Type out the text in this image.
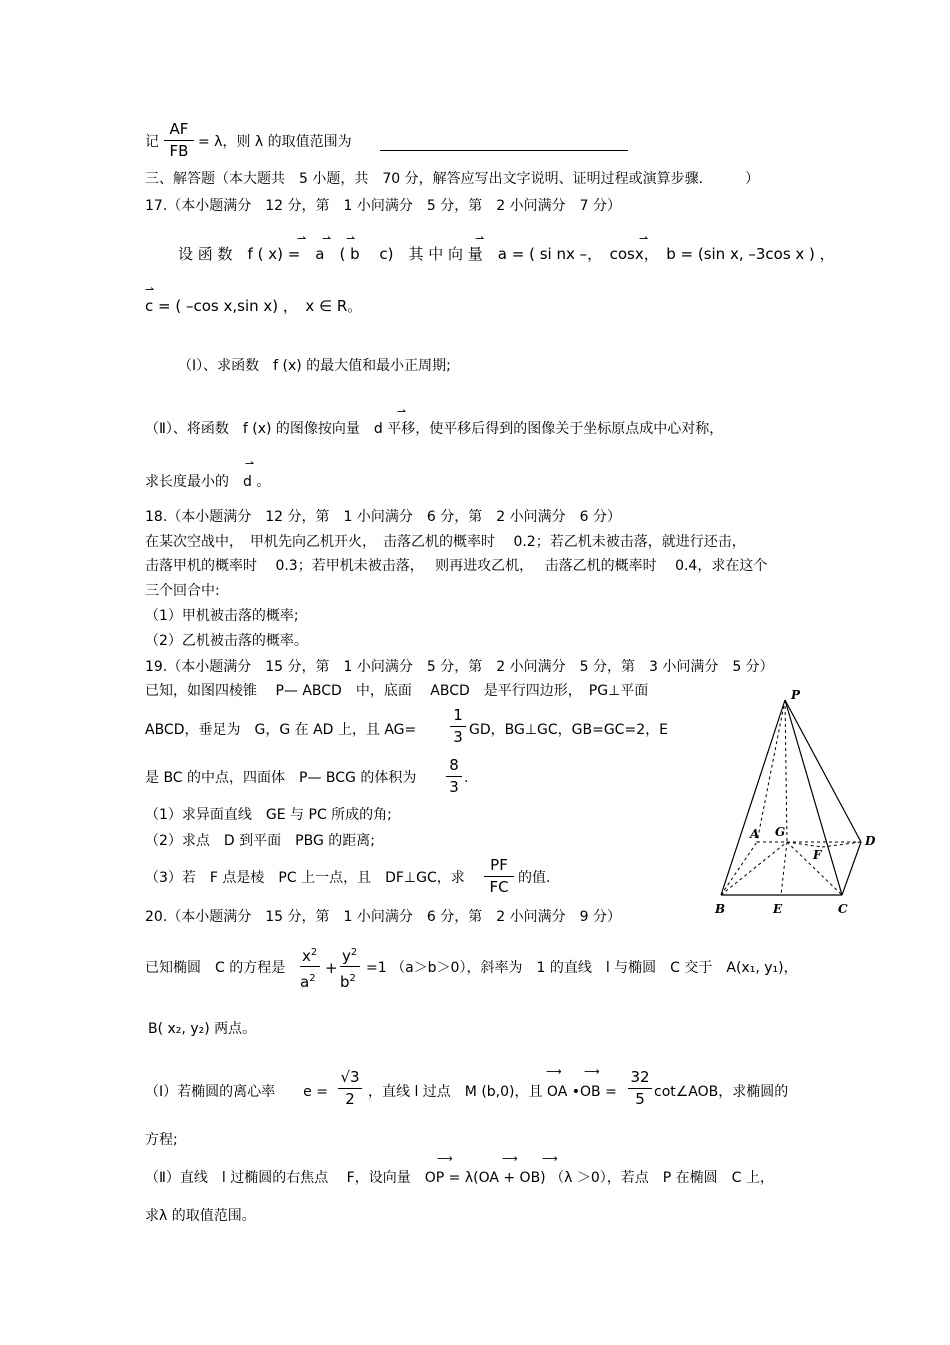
记
AF
FB = λ，则 λ 的取值范围为
三、解答题（本大题共　5 小题，共　70 分，解答应写出文字说明、证明过程或演算步骤.　　　）
17.（本小题满分　12 分，第　1 小问满分　5 分，第　2 小问满分　7 分）
设 函 数　f ( x) =　a　( b　 c)　其 中 向 量　a = ( si nx –，　cosx，　b = (sin x, –3cos x ) ，
⇀ ⇀ ⇀	⇀	⇀
c = ( –cos x,sin x) ，　x ∈ R。
⇀
（Ⅰ）、求函数　f (x) 的最大值和最小正周期;
（Ⅱ）、将函数　f (x) 的图像按向量　d 平移，使平移后得到的图像关于坐标原点成中心对称，
⇀
求长度最小的　d 。
⇀
18.（本小题满分　12 分，第　1 小问满分　6 分，第　2 小问满分　6 分）
在某次空战中，　甲机先向乙机开火，　击落乙机的概率时　 0.2；若乙机未被击落，就进行还击，
击落甲机的概率时　 0.3；若甲机未被击落，　 则再进攻乙机，　 击落乙机的概率时　 0.4，求在这个
三个回合中:
（1）甲机被击落的概率;
（2）乙机被击落的概率。
19.（本小题满分　15 分，第　1 小问满分　5 分，第　2 小问满分　5 分，第　3 小问满分　5 分）
已知，如图四棱锥　 P— ABCD　中，底面　 ABCD　是平行四边形，　PG⊥平面
ABCD，垂足为　G，G 在 AD 上，且 AG=
1
3 GD，BG⊥GC，GB=GC=2，E
是 BC 的中点，四面体　P— BCG 的体积为
8
3 .
（1）求异面直线　GE 与 PC 所成的角;
（2）求点　D 到平面　PBG 的距离;
（3）若　F 点是棱　PC 上一点，且　DF⊥GC，求
PF
FC 的值.
P
A G
D
F
B	E	C
20.（本小题满分　15 分，第　1 小问满分　6 分，第　2 小问满分　9 分）
已知椭圆　C 的方程是
$x^2$
$a^2$
+
$y^2$
$b^2$
=1 （a＞b＞0），斜率为　1 的直线　l 与椭圆　C 交于　A(x₁, y₁)，
B( x₂, y₂) 两点。
（Ⅰ）若椭圆的离心率　　e =
√3
2 ，直线 l 过点　M (b,0)，且 OA •OB =
⟶ ⟶ 32
5 cot∠AOB，求椭圆的
方程;
（Ⅱ）直线　l 过椭圆的右焦点　 F，设向量　OP = λ(OA + OB) （λ ＞0），若点　P 在椭圆　C 上，
⟶	⟶ ⟶
求λ 的取值范围。
